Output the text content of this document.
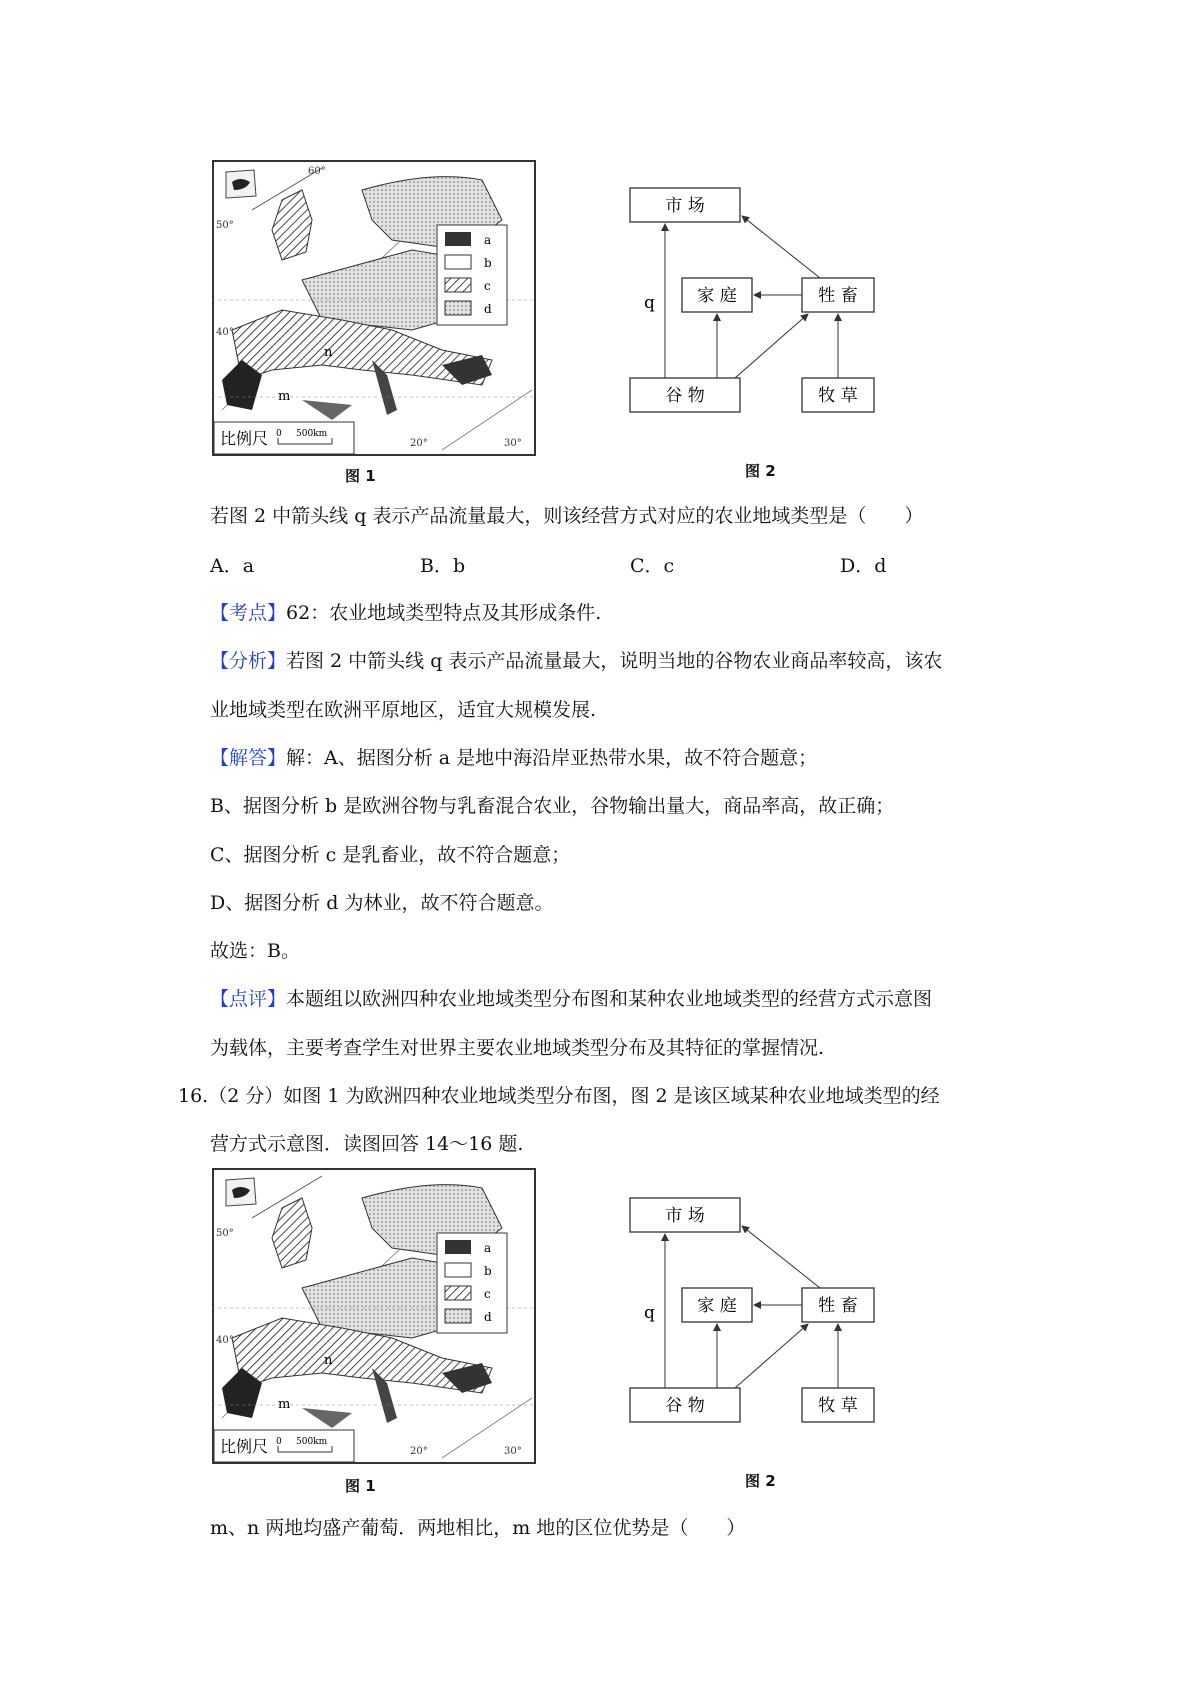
a
b
c
d
60°
50°
40°
20°	30°
m
n
比例尺 0 500km
图 1
市 场
家 庭	牲 畜
谷 物	牧 草
q
图 2
若图 2 中箭头线 q 表示产品流量最大，则该经营方式对应的农业地域类型是（　　）
A．a	B．b	C．c	D．d
【考点】62：农业地域类型特点及其形成条件.
【分析】若图 2 中箭头线 q 表示产品流量最大，说明当地的谷物农业商品率较高，该农
业地域类型在欧洲平原地区，适宜大规模发展.
【解答】解：A、据图分析 a 是地中海沿岸亚热带水果，故不符合题意；
B、据图分析 b 是欧洲谷物与乳畜混合农业，谷物输出量大，商品率高，故正确；
C、据图分析 c 是乳畜业，故不符合题意；
D、据图分析 d 为林业，故不符合题意。
故选：B。
【点评】本题组以欧洲四种农业地域类型分布图和某种农业地域类型的经营方式示意图
为载体，主要考查学生对世界主要农业地域类型分布及其特征的掌握情况.
16.（2 分）如图 1 为欧洲四种农业地域类型分布图，图 2 是该区域某种农业地域类型的经
营方式示意图．读图回答 14～16 题.
a
b
c
d
50°
40°
20°	30°
m
n
比例尺 0 500km
图 1
市 场
家 庭	牲 畜
谷 物	牧 草
q
图 2
m、n 两地均盛产葡萄．两地相比，m 地的区位优势是（　　）
